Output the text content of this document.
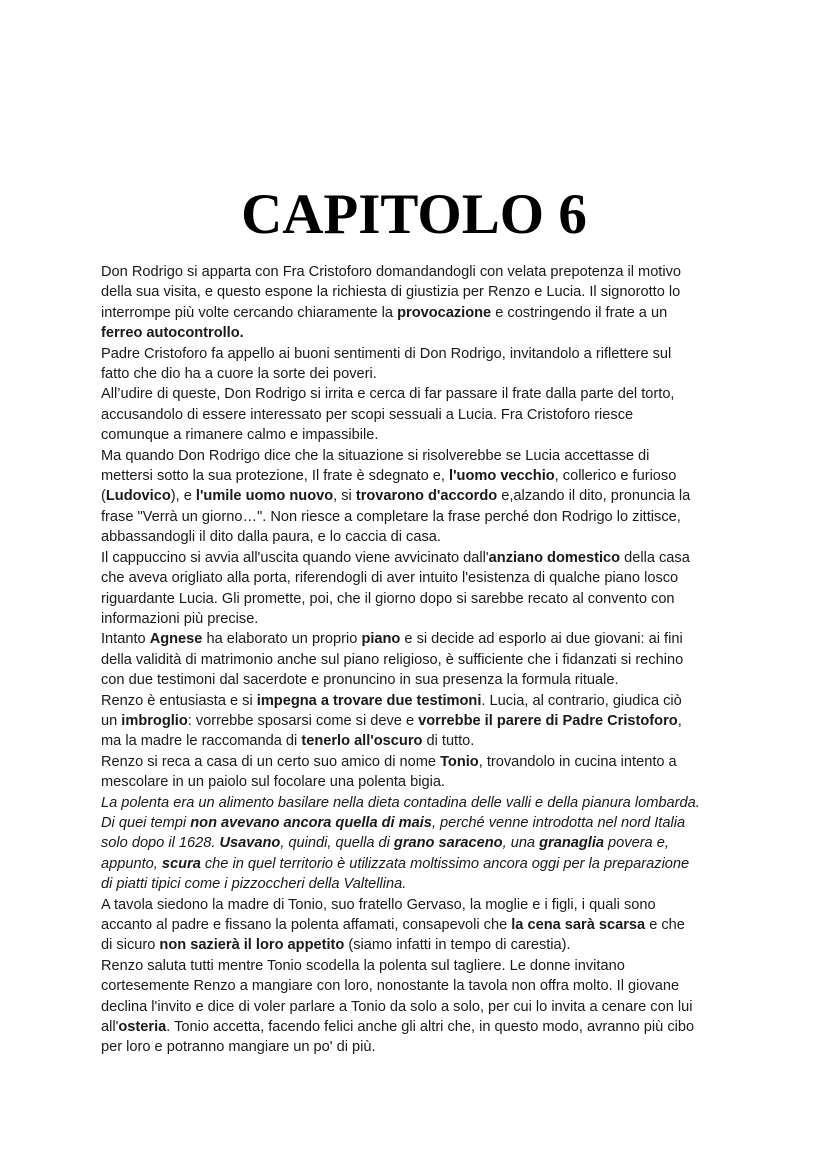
CAPITOLO 6
Don Rodrigo si apparta con Fra Cristoforo domandandogli con velata prepotenza il motivo
della sua visita, e questo espone la richiesta di giustizia per Renzo e Lucia. Il signorotto lo
interrompe più volte cercando chiaramente la provocazione e costringendo il frate a un
ferreo autocontrollo.
Padre Cristoforo fa appello ai buoni sentimenti di Don Rodrigo, invitandolo a riflettere sul
fatto che dio ha a cuore la sorte dei poveri.
All’udire di queste, Don Rodrigo si irrita e cerca di far passare il frate dalla parte del torto,
accusandolo di essere interessato per scopi sessuali a Lucia. Fra Cristoforo riesce
comunque a rimanere calmo e impassibile.
Ma quando Don Rodrigo dice che la situazione si risolverebbe se Lucia accettasse di
mettersi sotto la sua protezione, Il frate è sdegnato e, l'uomo vecchio, collerico e furioso
(Ludovico), e l'umile uomo nuovo, si trovarono d'accordo e,alzando il dito, pronuncia la
frase "Verrà un giorno…". Non riesce a completare la frase perché don Rodrigo lo zittisce,
abbassandogli il dito dalla paura, e lo caccia di casa.
Il cappuccino si avvia all'uscita quando viene avvicinato dall'anziano domestico della casa
che aveva origliato alla porta, riferendogli di aver intuito l'esistenza di qualche piano losco
riguardante Lucia. Gli promette, poi, che il giorno dopo si sarebbe recato al convento con
informazioni più precise.
Intanto Agnese ha elaborato un proprio piano e si decide ad esporlo ai due giovani: ai fini
della validità di matrimonio anche sul piano religioso, è sufficiente che i fidanzati si rechino
con due testimoni dal sacerdote e pronuncino in sua presenza la formula rituale.
Renzo è entusiasta e si impegna a trovare due testimoni. Lucia, al contrario, giudica ciò
un imbroglio: vorrebbe sposarsi come si deve e vorrebbe il parere di Padre Cristoforo,
ma la madre le raccomanda di tenerlo all'oscuro di tutto.
Renzo si reca a casa di un certo suo amico di nome Tonio, trovandolo in cucina intento a
mescolare in un paiolo sul focolare una polenta bigia.
La polenta era un alimento basilare nella dieta contadina delle valli e della pianura lombarda.
Di quei tempi non avevano ancora quella di mais, perché venne introdotta nel nord Italia
solo dopo il 1628. Usavano, quindi, quella di grano saraceno, una granaglia povera e,
appunto, scura che in quel territorio è utilizzata moltissimo ancora oggi per la preparazione
di piatti tipici come i pizzoccheri della Valtellina.
A tavola siedono la madre di Tonio, suo fratello Gervaso, la moglie e i figli, i quali sono
accanto al padre e fissano la polenta affamati, consapevoli che la cena sarà scarsa e che
di sicuro non sazierà il loro appetito (siamo infatti in tempo di carestia).
Renzo saluta tutti mentre Tonio scodella la polenta sul tagliere. Le donne invitano
cortesemente Renzo a mangiare con loro, nonostante la tavola non offra molto. Il giovane
declina l'invito e dice di voler parlare a Tonio da solo a solo, per cui lo invita a cenare con lui
all'osteria. Tonio accetta, facendo felici anche gli altri che, in questo modo, avranno più cibo
per loro e potranno mangiare un po' di più.
